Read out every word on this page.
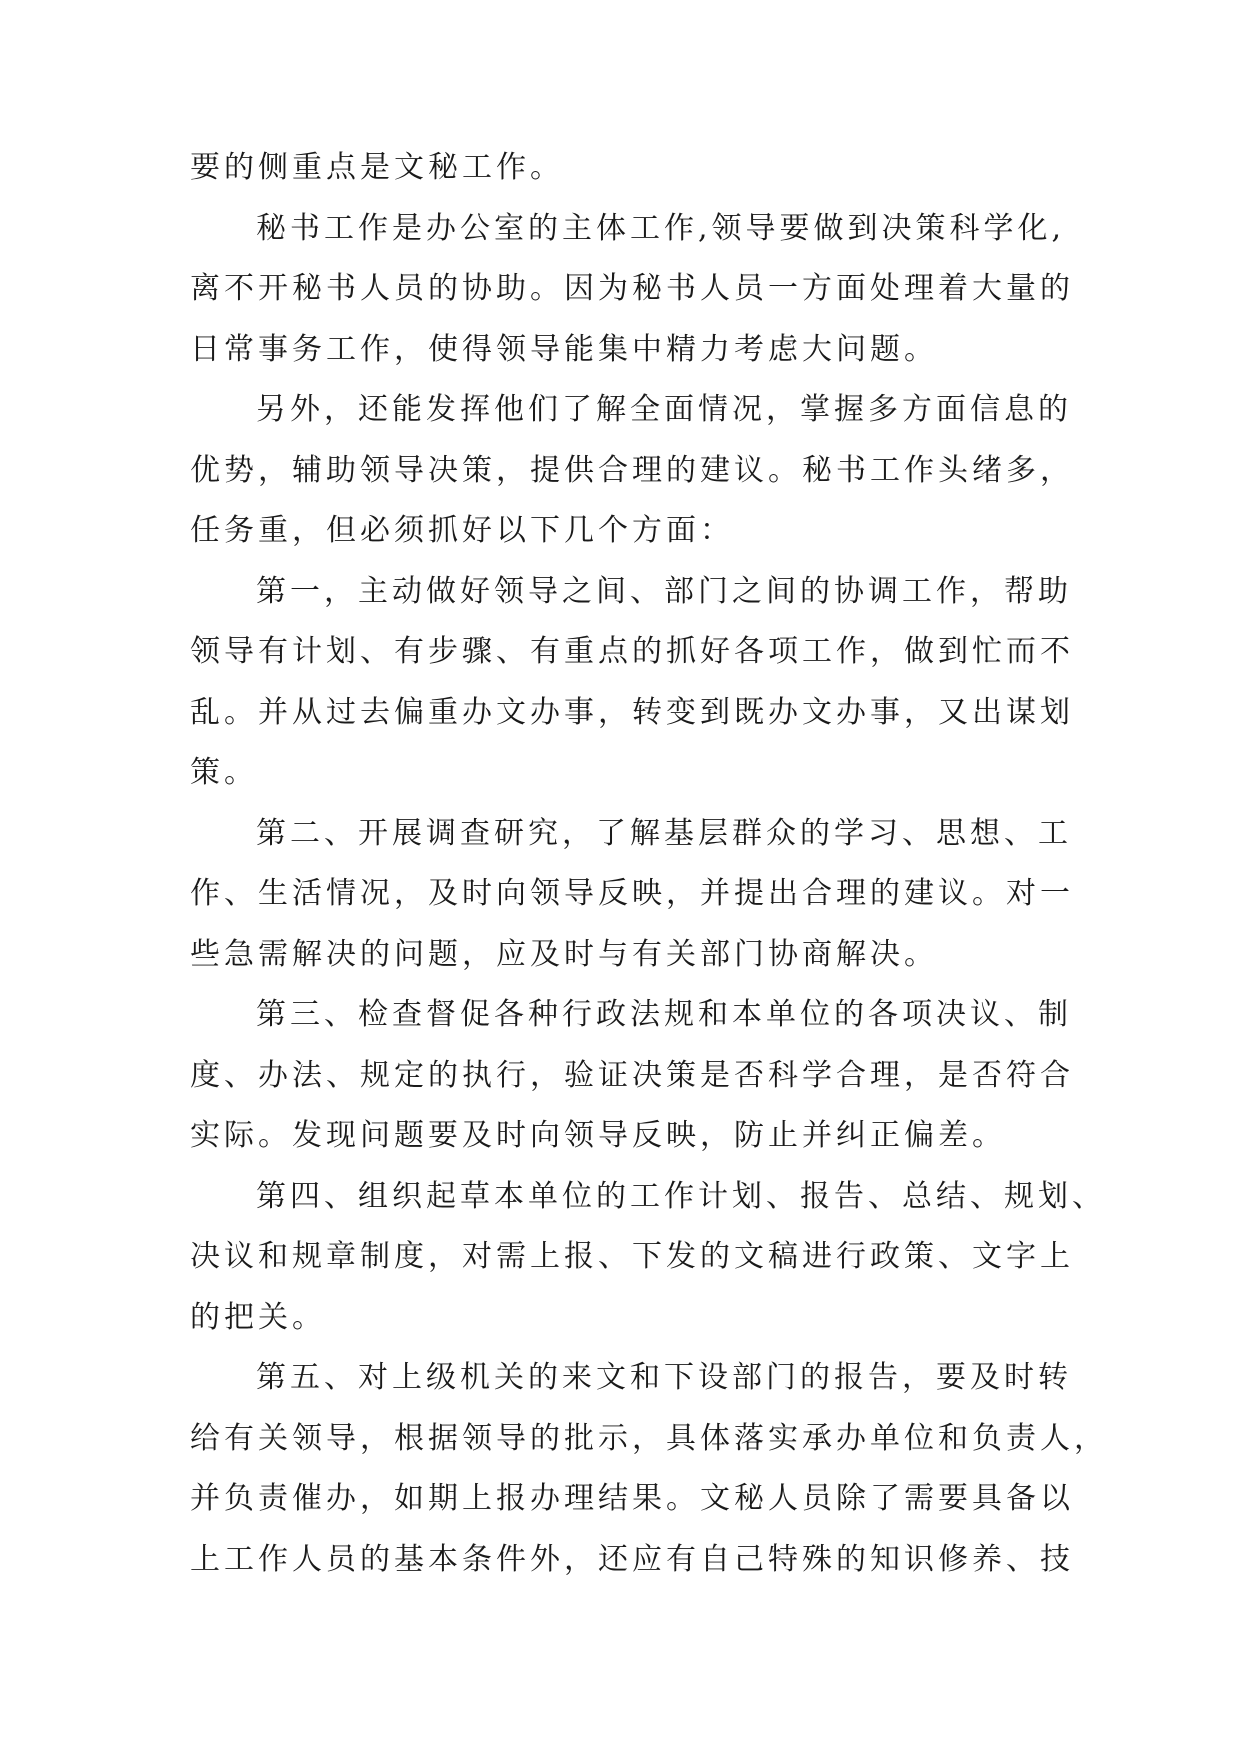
要的侧重点是文秘工作。

秘书工作是办公室的主体工作,领导要做到决策科学化,

离不开秘书人员的协助。因为秘书人员一方面处理着大量的

日常事务工作，使得领导能集中精力考虑大问题。

另外，还能发挥他们了解全面情况，掌握多方面信息的

优势，辅助领导决策，提供合理的建议。秘书工作头绪多，

任务重，但必须抓好以下几个方面：

第一，主动做好领导之间、部门之间的协调工作，帮助

领导有计划、有步骤、有重点的抓好各项工作，做到忙而不

乱。并从过去偏重办文办事，转变到既办文办事，又出谋划

策。

第二、开展调查研究，了解基层群众的学习、思想、工

作、生活情况，及时向领导反映，并提出合理的建议。对一

些急需解决的问题，应及时与有关部门协商解决。

第三、检查督促各种行政法规和本单位的各项决议、制

度、办法、规定的执行，验证决策是否科学合理，是否符合

实际。发现问题要及时向领导反映，防止并纠正偏差。

第四、组织起草本单位的工作计划、报告、总结、规划、

决议和规章制度，对需上报、下发的文稿进行政策、文字上

的把关。

第五、对上级机关的来文和下设部门的报告，要及时转

给有关领导，根据领导的批示，具体落实承办单位和负责人，

并负责催办，如期上报办理结果。文秘人员除了需要具备以

上工作人员的基本条件外，还应有自己特殊的知识修养、技
